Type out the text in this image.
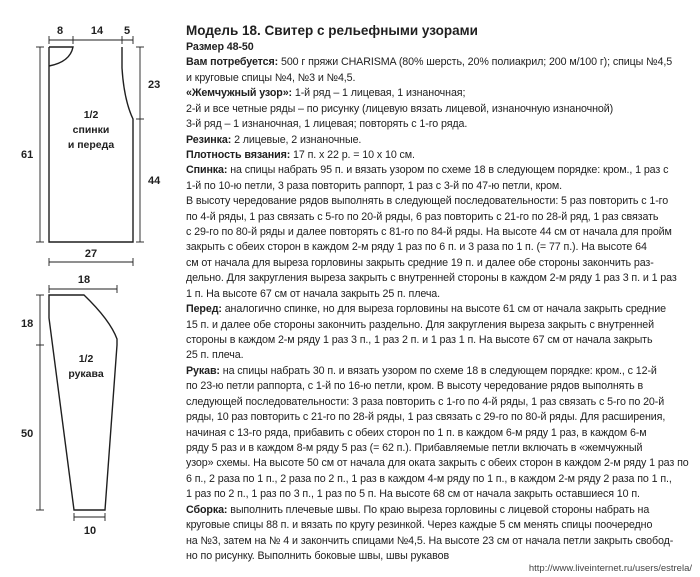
8	14 5
23
61
44
27
1/2
спинки
и переда
18
18
50
10
1/2
рукава
Модель 18. Свитер с рельефными узорами

Размер 48-50

Вам потребуется: 500 г пряжи CHARISMA (80% шерсть, 20% полиакрил; 200 м/100 г); спицы №4,5

и круговые спицы №4, №3 и №4,5.

«Жемчужный узор»: 1-й ряд – 1 лицевая, 1 изнаночная;

2-й и все четные ряды – по рисунку (лицевую вязать лицевой, изнаночную изнаночной)

3-й ряд – 1 изнаночная, 1 лицевая; повторять с 1-го ряда.

Резинка: 2 лицевые, 2 изнаночные.

Плотность вязания: 17 п. х 22 р. = 10 х 10 см.

Спинка: на спицы набрать 95 п. и вязать узором по схеме 18 в следующем порядке: кром., 1 раз с

1-й по 10-ю петли, 3 раза повторить раппорт, 1 раз с 3-й по 47-ю петли, кром.

В высоту чередование рядов выполнять в следующей последовательности: 5 раз повторить с 1-го

по 4-й ряды, 1 раз связать с 5-го по 20-й ряды, 6 раз повторить с 21-го по 28-й ряд, 1 раз связать

с 29-го по 80-й ряды и далее повторять с 81-го по 84-й ряды. На высоте 44 см от начала для пройм

закрыть с обеих сторон в каждом 2-м ряду 1 раз по 6 п. и 3 раза по 1 п. (= 77 п.). На высоте 64

см от начала для выреза горловины закрыть средние 19 п. и далее обе стороны закончить раз-

дельно. Для закругления выреза закрыть с внутренней стороны в каждом 2-м ряду 1 раз 3 п. и 1 раз

1 п. На высоте 67 см от начала закрыть 25 п. плеча.

Перед: аналогично спинке, но для выреза горловины на высоте 61 см от начала закрыть средние

15 п. и далее обе стороны закончить раздельно. Для закругления выреза закрыть с внутренней

стороны в каждом 2-м ряду 1 раз 3 п., 1 раз 2 п. и 1 раз 1 п. На высоте 67 см от начала закрыть

25 п. плеча.

Рукав: на спицы набрать 30 п. и вязать узором по схеме 18 в следующем порядке: кром., с 12-й

по 23-ю петли раппорта, с 1-й по 16-ю петли, кром. В высоту чередование рядов выполнять в

следующей последовательности: 3 раза повторить с 1-го по 4-й ряды, 1 раз связать с 5-го по 20-й

ряды, 10 раз повторить с 21-го по 28-й ряды, 1 раз связать с 29-го по 80-й ряды. Для расширения,

начиная с 13-го ряда, прибавить с обеих сторон по 1 п. в каждом 6-м ряду 1 раз, в каждом 6-м

ряду 5 раз и в каждом 8-м ряду 5 раз (= 62 п.). Прибавляемые петли включать в «жемчужный

узор» схемы. На высоте 50 см от начала для оката закрыть с обеих сторон в каждом 2-м ряду 1 раз по

6 п., 2 раза по 1 п., 2 раза по 2 п., 1 раз в каждом 4-м ряду по 1 п., в каждом 2-м ряду 2 раза по 1 п.,

1 раз по 2 п., 1 раз по 3 п., 1 раз по 5 п. На высоте 68 см от начала закрыть оставшиеся 10 п.

Сборка: выполнить плечевые швы. По краю выреза горловины с лицевой стороны набрать на

круговые спицы 88 п. и вязать по кругу резинкой. Через каждые 5 см менять спицы поочередно

на №3, затем на № 4 и закончить спицами №4,5. На высоте 23 см от начала петли закрыть свобод-

но по рисунку. Выполнить боковые швы, швы рукавов

http://www.liveinternet.ru/users/estrela/
